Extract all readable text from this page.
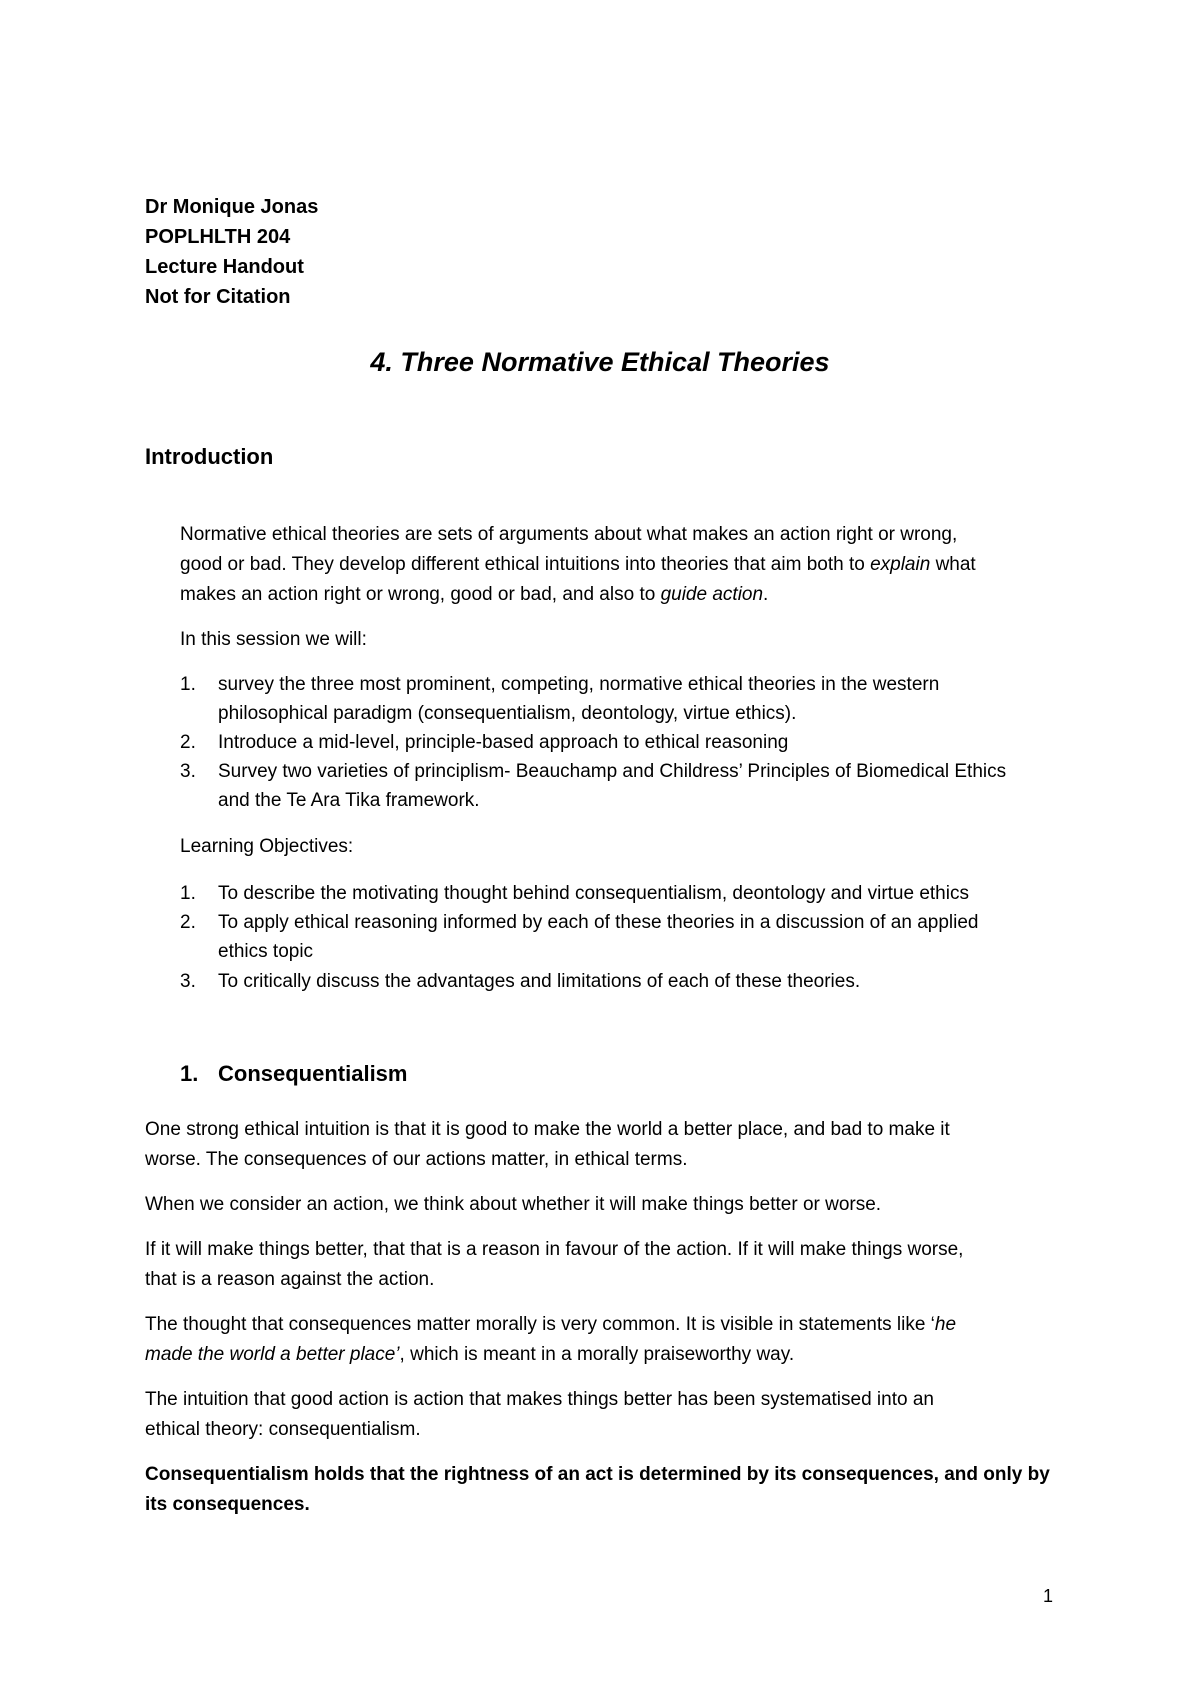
Dr Monique Jonas
POPLHLTH 204
Lecture Handout
Not for Citation
4. Three Normative Ethical Theories
Introduction
Normative ethical theories are sets of arguments about what makes an action right or wrong,
good or bad. They develop different ethical intuitions into theories that aim both to explain what
makes an action right or wrong, good or bad, and also to guide action.
In this session we will:
1.	survey the three most prominent, competing, normative ethical theories in the western
philosophical paradigm (consequentialism, deontology, virtue ethics).
2.	Introduce a mid-level, principle-based approach to ethical reasoning
3.	Survey two varieties of principlism- Beauchamp and Childress’ Principles of Biomedical Ethics
and the Te Ara Tika framework.
Learning Objectives:
1.	To describe the motivating thought behind consequentialism, deontology and virtue ethics
2.	To apply ethical reasoning informed by each of these theories in a discussion of an applied
ethics topic
3.	To critically discuss the advantages and limitations of each of these theories.
1. Consequentialism
One strong ethical intuition is that it is good to make the world a better place, and bad to make it
worse. The consequences of our actions matter, in ethical terms.
When we consider an action, we think about whether it will make things better or worse.
If it will make things better, that that is a reason in favour of the action. If it will make things worse,
that is a reason against the action.
The thought that consequences matter morally is very common. It is visible in statements like ‘he
made the world a better place’, which is meant in a morally praiseworthy way.
The intuition that good action is action that makes things better has been systematised into an
ethical theory: consequentialism.
Consequentialism holds that the rightness of an act is determined by its consequences, and only by
its consequences.
1
